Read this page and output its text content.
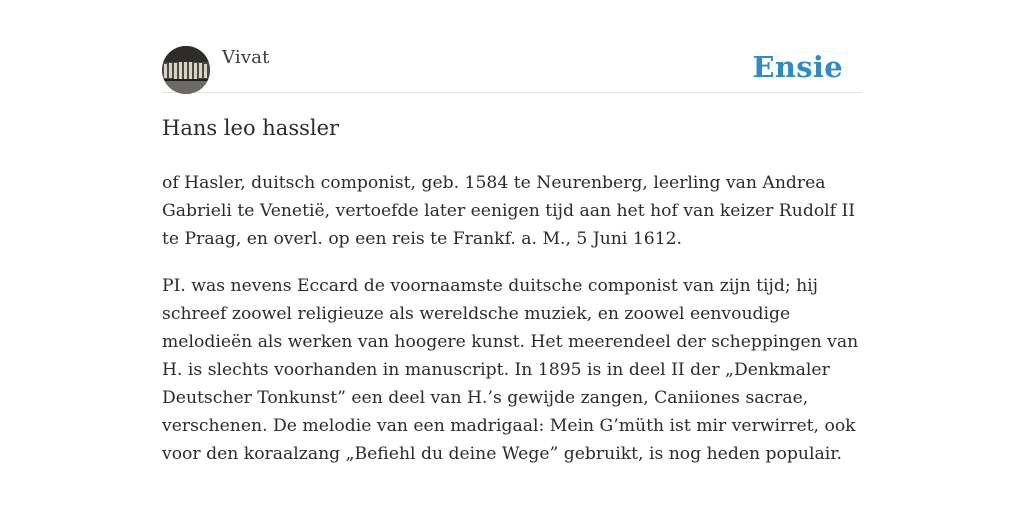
Vivat	Ensie
Hans leo hassler

of Hasler, duitsch componist, geb. 1584 te Neurenberg, leerling van Andrea Gabrieli te Venetië, vertoefde later eenigen tijd aan het hof van keizer Rudolf II te Praag, en overl. op een reis te Frankf. a. M., 5 Juni 1612.

PI. was nevens Eccard de voornaamste duitsche componist van zijn tijd; hij schreef zoowel religieuze als wereldsche muziek, en zoowel eenvoudige melodieën als werken van hoogere kunst. Het meerendeel der scheppingen van H. is slechts voorhanden in manuscript. In 1895 is in deel II der „Denkmaler Deutscher Tonkunst” een deel van H.’s gewijde zangen, Caniiones sacrae, verschenen. De melodie van een madrigaal: Mein G’müth ist mir verwirret, ook voor den koraalzang „Befiehl du deine Wege” gebruikt, is nog heden populair.
